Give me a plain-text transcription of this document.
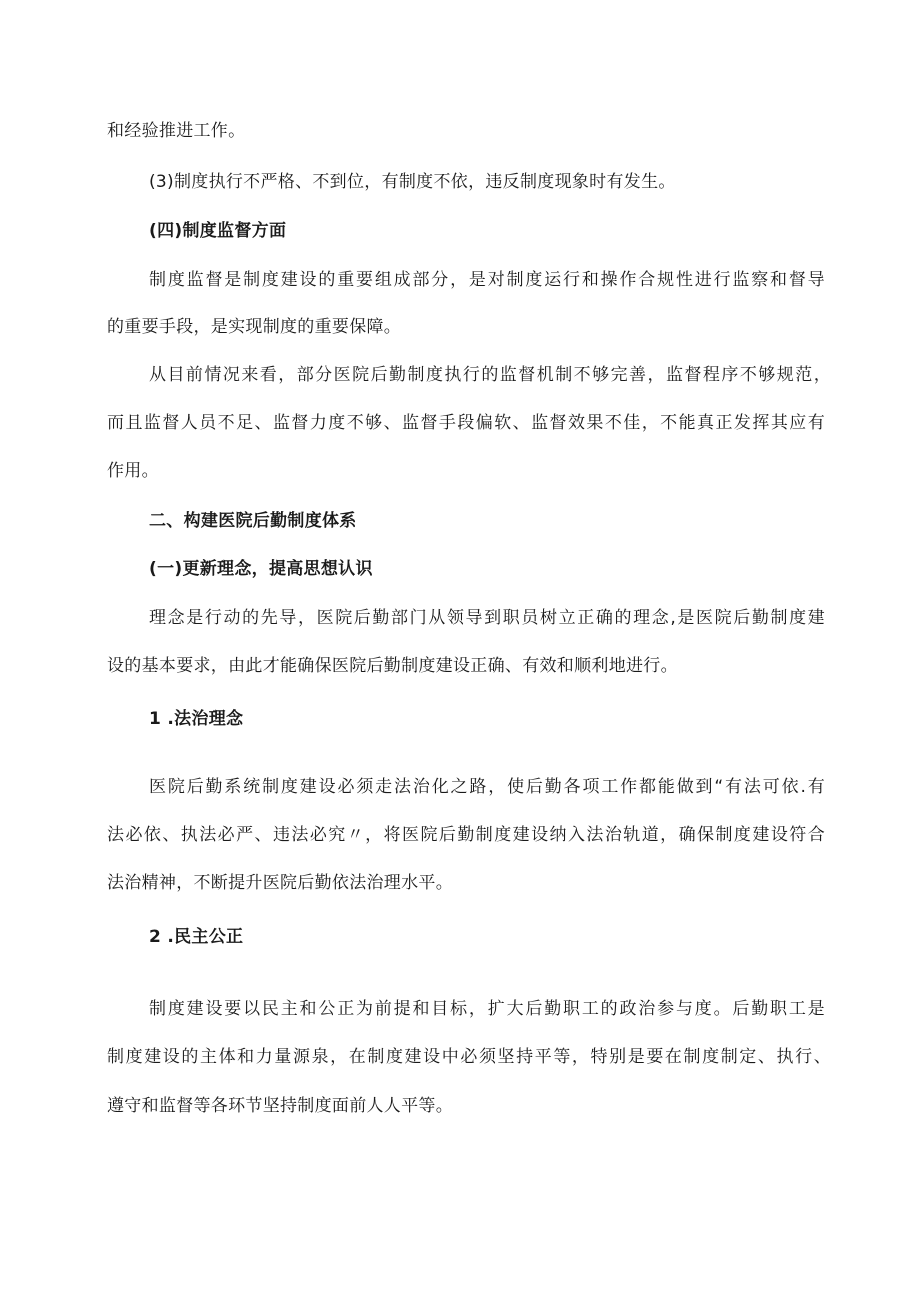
和经验推进工作。
(3)制度执行不严格、不到位，有制度不依，违反制度现象时有发生。
(四)制度监督方面
制度监督是制度建设的重要组成部分，是对制度运行和操作合规性进行监察和督导
的重要手段，是实现制度的重要保障。
从目前情况来看，部分医院后勤制度执行的监督机制不够完善，监督程序不够规范，
而且监督人员不足、监督力度不够、监督手段偏软、监督效果不佳，不能真正发挥其应有
作用。
二、构建医院后勤制度体系
(一)更新理念，提高思想认识
理念是行动的先导，医院后勤部门从领导到职员树立正确的理念,是医院后勤制度建
设的基本要求，由此才能确保医院后勤制度建设正确、有效和顺利地进行。
1 .法治理念
医院后勤系统制度建设必须走法治化之路，使后勤各项工作都能做到“有法可依.有
法必依、执法必严、违法必究〃，将医院后勤制度建设纳入法治轨道，确保制度建设符合
法治精神，不断提升医院后勤依法治理水平。
2 .民主公正
制度建设要以民主和公正为前提和目标，扩大后勤职工的政治参与度。后勤职工是
制度建设的主体和力量源泉，在制度建设中必须坚持平等，特别是要在制度制定、执行、
遵守和监督等各环节坚持制度面前人人平等。
